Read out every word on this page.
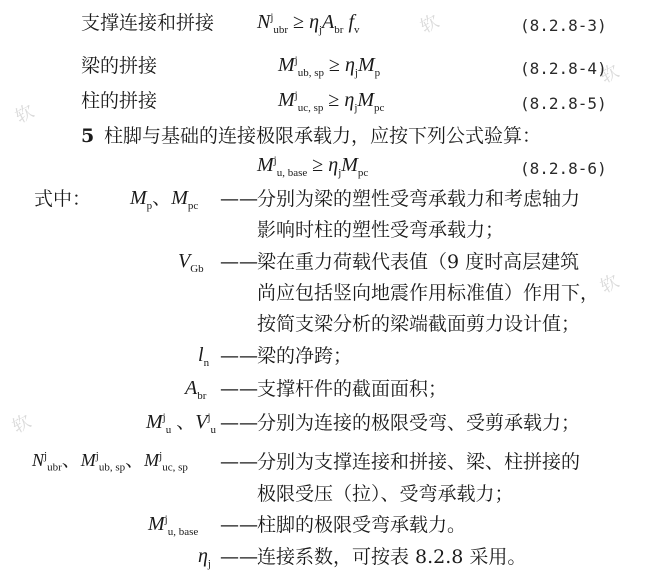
软
软
软
软
软
支撑连接和拼接 $N^j_{ubr} \ge \eta_jA_{br}$ $f_v$	(8.2.8-3)
梁的拼接	$M^j_{ub, sp} \ge \eta_jM_p$	(8.2.8-4)
柱的拼接	$M^j_{uc, sp} \ge \eta_jM_{pc}$	(8.2.8-5)
5 柱脚与基础的连接极限承载力，应按下列公式验算：
$M^j_{u, base} \ge \eta_jM_{pc}$	(8.2.8-6)
式中： $M_p$、$M_{pc}$ —— 分别为梁的塑性受弯承载力和考虑轴力
影响时柱的塑性受弯承载力；
$V_{Gb}$ —— 梁在重力荷载代表值（9 度时高层建筑
尚应包括竖向地震作用标准值）作用下，
按简支梁分析的梁端截面剪力设计值；
$l_n$ —— 梁的净跨；
$A_{br}$ —— 支撑杆件的截面面积；
$M^j_u$ 、$V^j_u$ —— 分别为连接的极限受弯、受剪承载力；
$N^j_{ubr}$、$M^j_{ub, sp}$、$M^j_{uc, sp}$ —— 分别为支撑连接和拼接、梁、柱拼接的
极限受压（拉）、受弯承载力；
$M^j_{u, base}$ —— 柱脚的极限受弯承载力。
$\eta_j$ —— 连接系数，可按表 8.2.8 采用。
